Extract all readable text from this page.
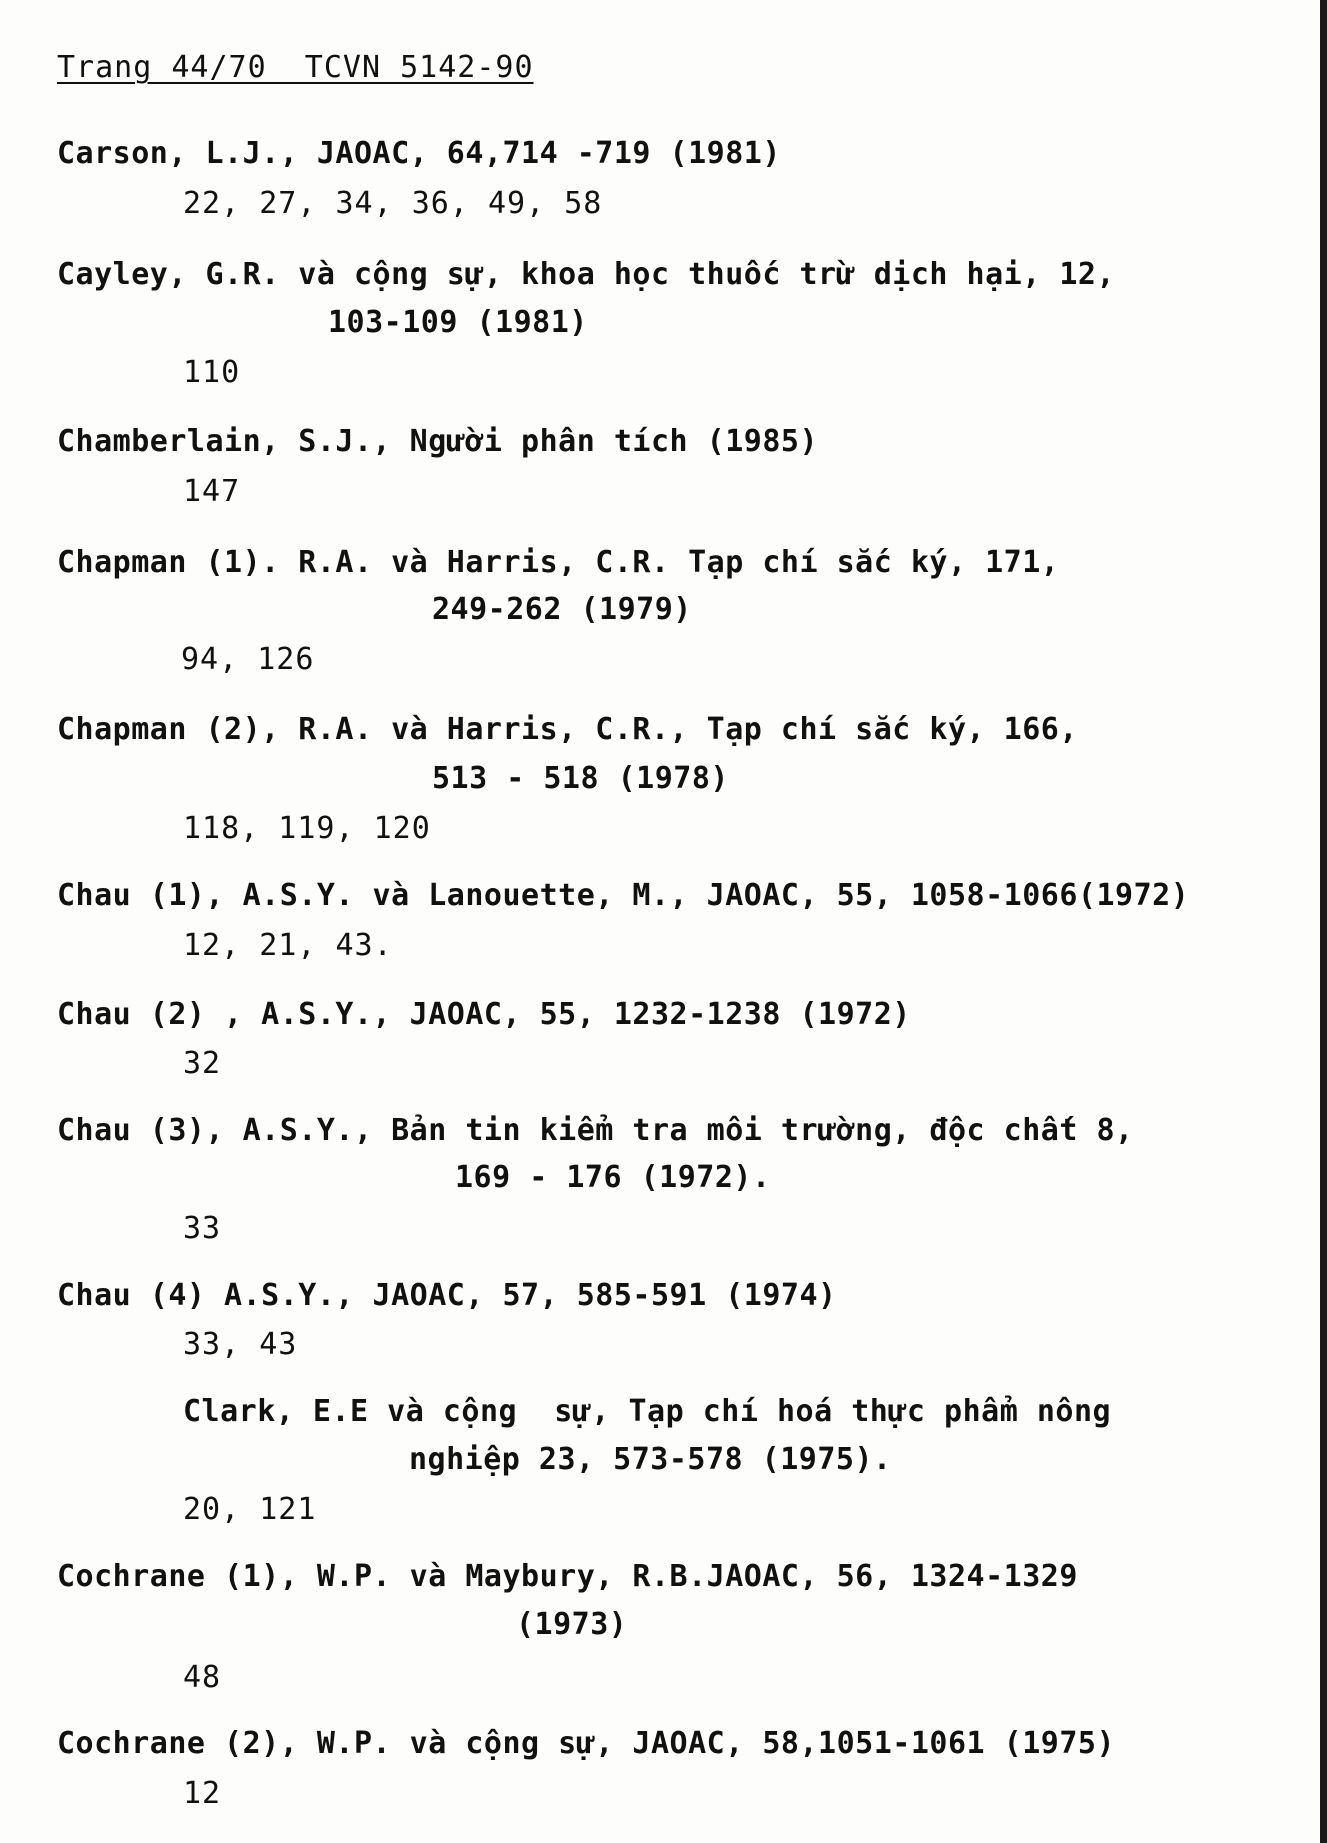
Trang 44/70  TCVN 5142-90
Carson, L.J., JAOAC, 64,714 -719 (1981)
22, 27, 34, 36, 49, 58
Cayley, G.R. và cộng sự, khoa học thuốc trừ dịch hại, 12,
103-109 (1981)
110
Chamberlain, S.J., Người phân tích (1985)
147
Chapman (1). R.A. và Harris, C.R. Tạp chí sắc ký, 171,
249-262 (1979)
94, 126
Chapman (2), R.A. và Harris, C.R., Tạp chí sắc ký, 166,
513 - 518 (1978)
118, 119, 120
Chau (1), A.S.Y. và Lanouette, M., JAOAC, 55, 1058-1066(1972)
12, 21, 43.
Chau (2) , A.S.Y., JAOAC, 55, 1232-1238 (1972)
32
Chau (3), A.S.Y., Bản tin kiểm tra môi trường, độc chất 8,
169 - 176 (1972).
33
Chau (4) A.S.Y., JAOAC, 57, 585-591 (1974)
33, 43
Clark, E.E và cộng  sự, Tạp chí hoá thực phẩm nông
nghiệp 23, 573-578 (1975).
20, 121
Cochrane (1), W.P. và Maybury, R.B.JAOAC, 56, 1324-1329
(1973)
48
Cochrane (2), W.P. và cộng sự, JAOAC, 58,1051-1061 (1975)
12
